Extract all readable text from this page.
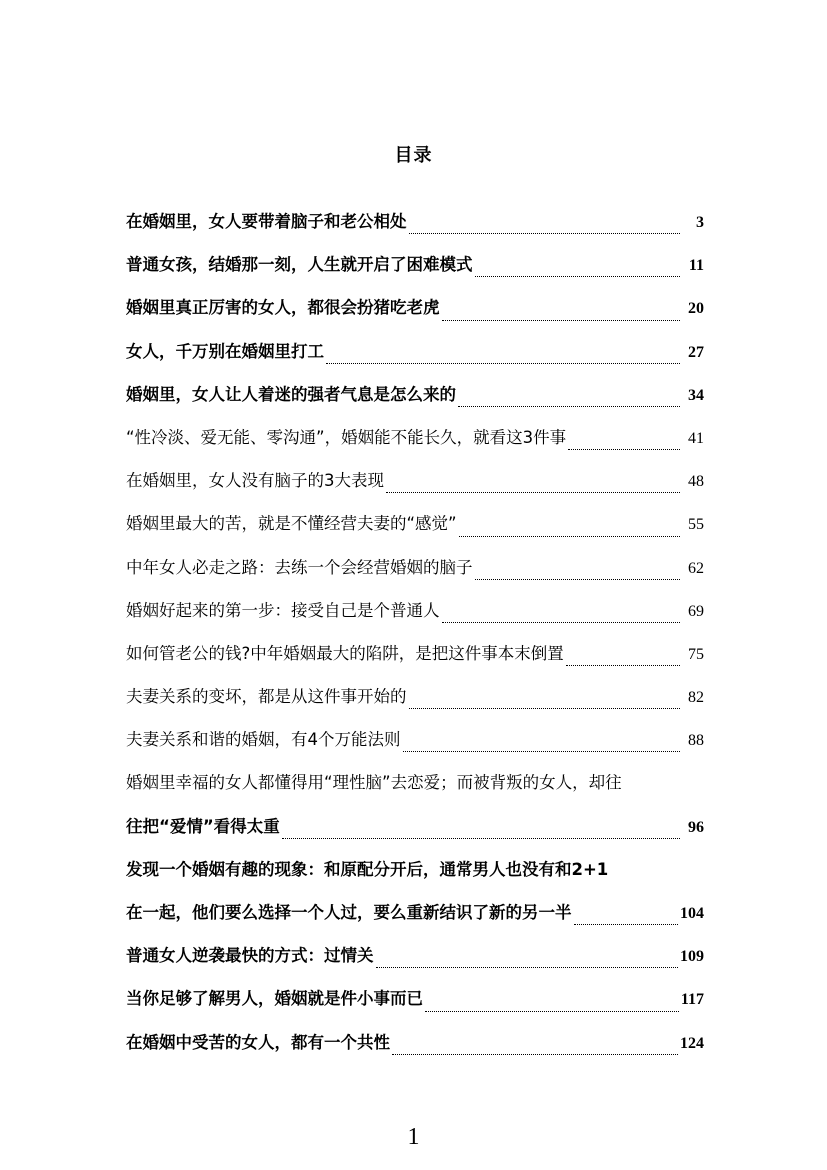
目录
在婚姻里，女人要带着脑子和老公相处	3
普通女孩，结婚那一刻，人生就开启了困难模式	11
婚姻里真正厉害的女人，都很会扮猪吃老虎	20
女人，千万别在婚姻里打工	27
婚姻里，女人让人着迷的强者气息是怎么来的	34
“性冷淡、爱无能、零沟通”，婚姻能不能长久，就看这3件事	41
在婚姻里，女人没有脑子的3大表现	48
婚姻里最大的苦，就是不懂经营夫妻的“感觉”	55
中年女人必走之路：去练一个会经营婚姻的脑子	62
婚姻好起来的第一步：接受自己是个普通人	69
如何管老公的钱?中年婚姻最大的陷阱，是把这件事本末倒置	75
夫妻关系的变坏，都是从这件事开始的	82
夫妻关系和谐的婚姻，有4个万能法则	88
婚姻里幸福的女人都懂得用“理性脑”去恋爱；而被背叛的女人，却往
往把“爱情”看得太重	96
发现一个婚姻有趣的现象：和原配分开后，通常男人也没有和2+1
在一起，他们要么选择一个人过，要么重新结识了新的另一半	104
普通女人逆袭最快的方式：过情关	109
当你足够了解男人，婚姻就是件小事而已	117
在婚姻中受苦的女人，都有一个共性	124
1
